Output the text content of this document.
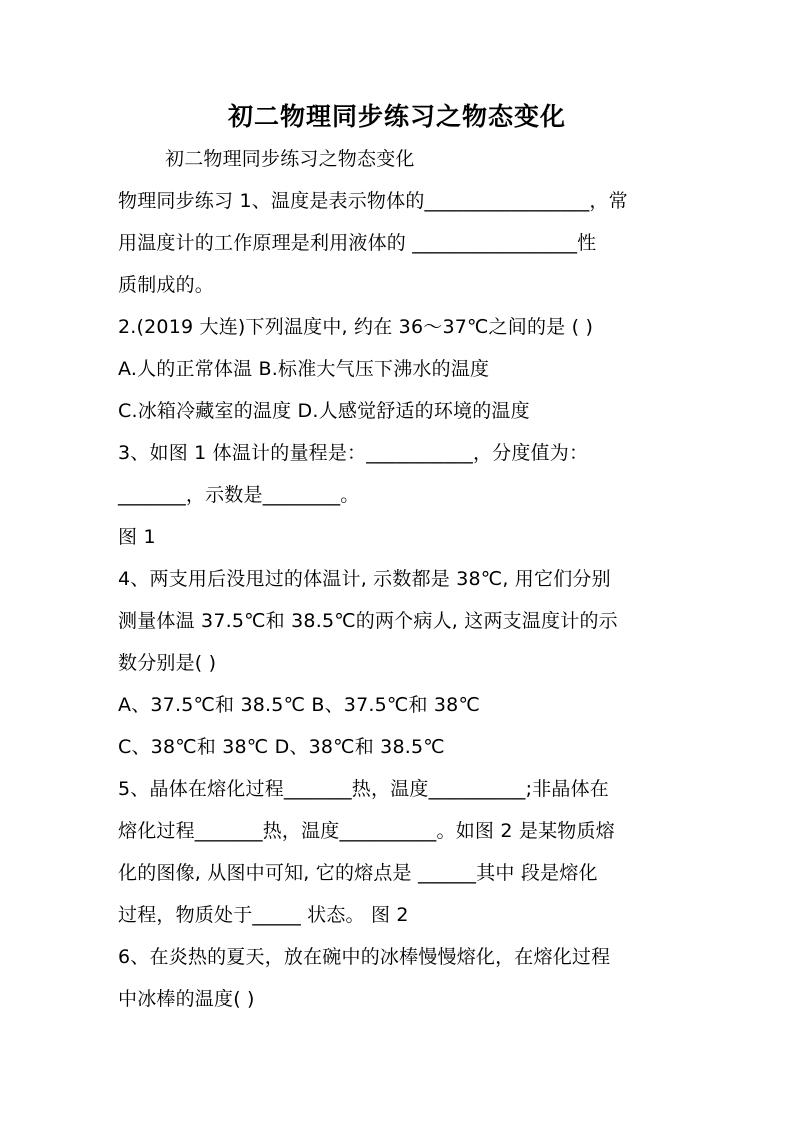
初二物理同步练习之物态变化
初二物理同步练习之物态变化
物理同步练习 1、温度是表示物体的_________________，常
用温度计的工作原理是利用液体的 _________________性
质制成的。
2.(2019 大连)下列温度中, 约在 36～37℃之间的是 ( )
A.人的正常体温 B.标准大气压下沸水的温度
C.冰箱冷藏室的温度 D.人感觉舒适的环境的温度
3、如图 1 体温计的量程是：___________，分度值为：
_______，示数是________。
图 1
4、两支用后没甩过的体温计, 示数都是 38℃, 用它们分别
测量体温 37.5℃和 38.5℃的两个病人, 这两支温度计的示
数分别是( )
A、37.5℃和 38.5℃ B、37.5℃和 38℃
C、38℃和 38℃ D、38℃和 38.5℃
5、晶体在熔化过程_______热，温度__________;非晶体在
熔化过程_______热，温度__________。如图 2 是某物质熔
化的图像, 从图中可知, 它的熔点是 ______其中 段是熔化
过程，物质处于_____ 状态。 图 2
6、在炎热的夏天，放在碗中的冰棒慢慢熔化，在熔化过程
中冰棒的温度( )
